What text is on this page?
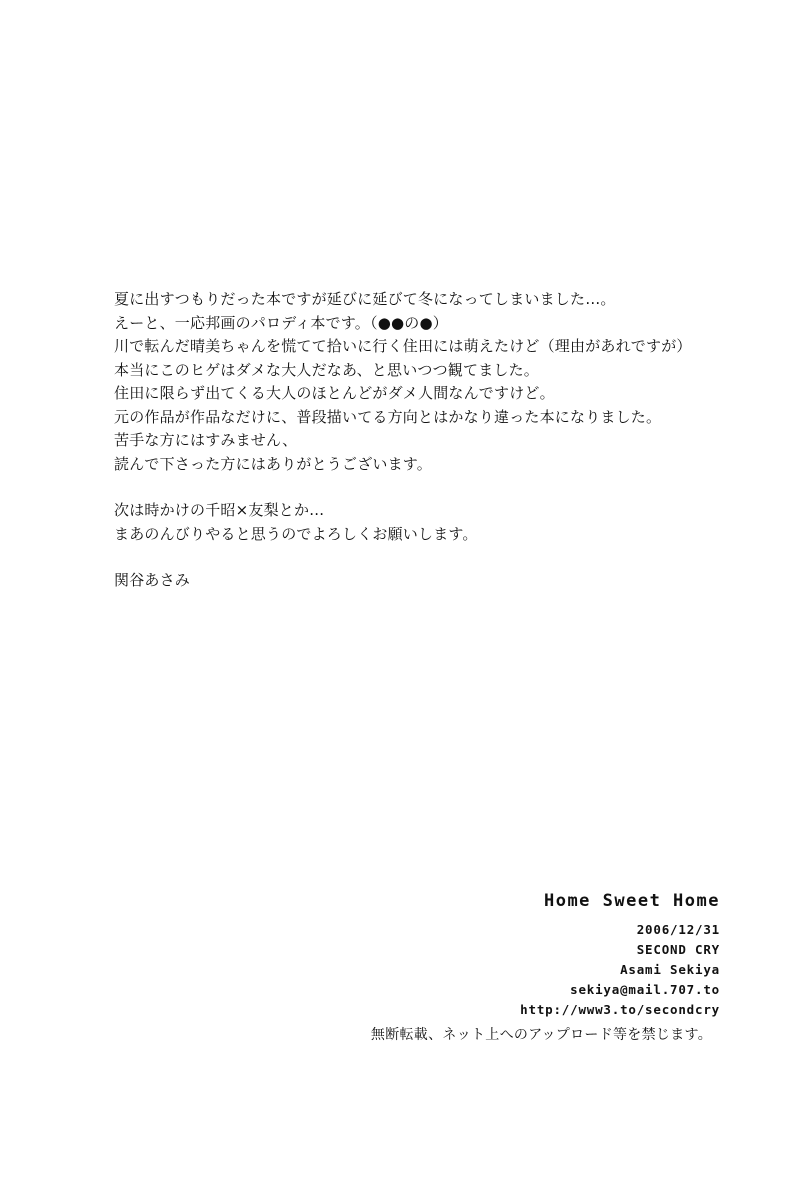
夏に出すつもりだった本ですが延びに延びて冬になってしまいました…。
えーと、一応邦画のパロディ本です。（●●の●）
川で転んだ晴美ちゃんを慌てて拾いに行く住田には萌えたけど（理由があれですが）
本当にこのヒゲはダメな大人だなあ、と思いつつ観てました。
住田に限らず出てくる大人のほとんどがダメ人間なんですけど。
元の作品が作品なだけに、普段描いてる方向とはかなり違った本になりました。
苦手な方にはすみません、
読んで下さった方にはありがとうございます。
次は時かけの千昭×友梨とか…
まあのんびりやると思うのでよろしくお願いします。
関谷あさみ
Home Sweet Home
2006/12/31
SECOND CRY
Asami Sekiya
sekiya@mail.707.to
http://www3.to/secondcry
無断転載、ネット上へのアップロード等を禁じます。
